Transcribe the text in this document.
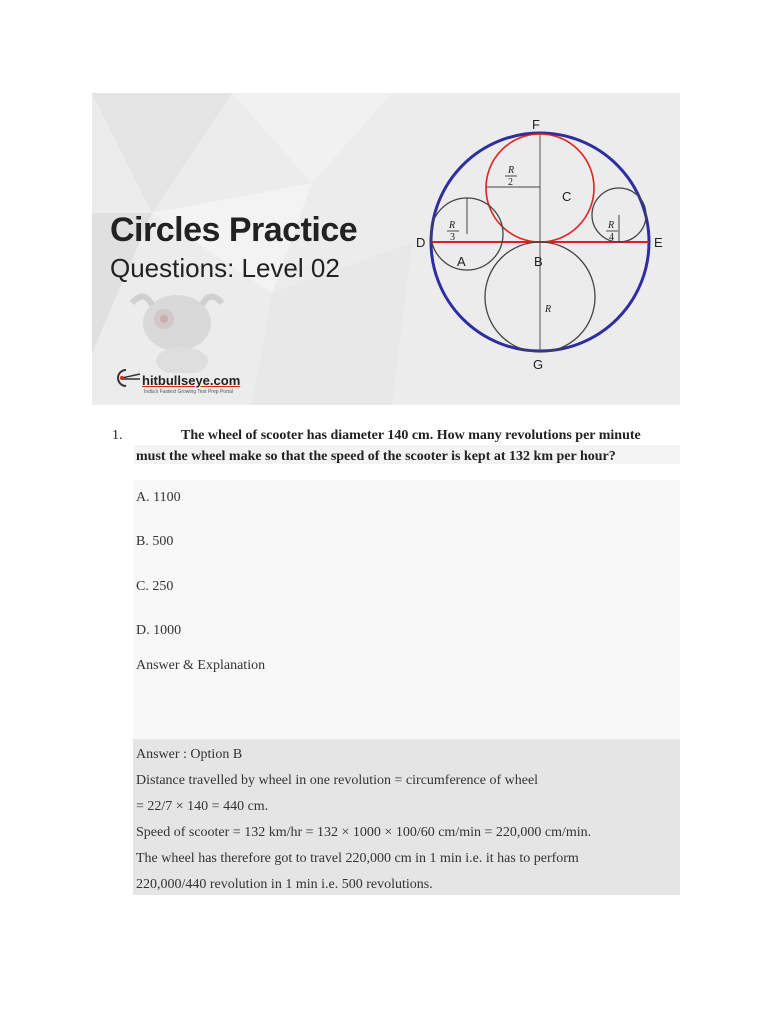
Circles Practice
Questions: Level 02
hitbullseye.com
India's Fastest Growing Test Prep Portal
F
C
D
A	B
E
G
R
2
R
3
R
4
R
1.	The wheel of scooter has diameter 140 cm. How many revolutions per minute
must the wheel make so that the speed of the scooter is kept at 132 km per hour?
A. 1100
B. 500
C. 250
D. 1000
Answer & Explanation
Answer : Option B
Distance travelled by wheel in one revolution = circumference of wheel
= 22/7 × 140 = 440 cm.
Speed of scooter = 132 km/hr = 132 × 1000 × 100/60 cm/min = 220,000 cm/min.
The wheel has therefore got to travel 220,000 cm in 1 min i.e. it has to perform
220,000/440 revolution in 1 min i.e. 500 revolutions.
